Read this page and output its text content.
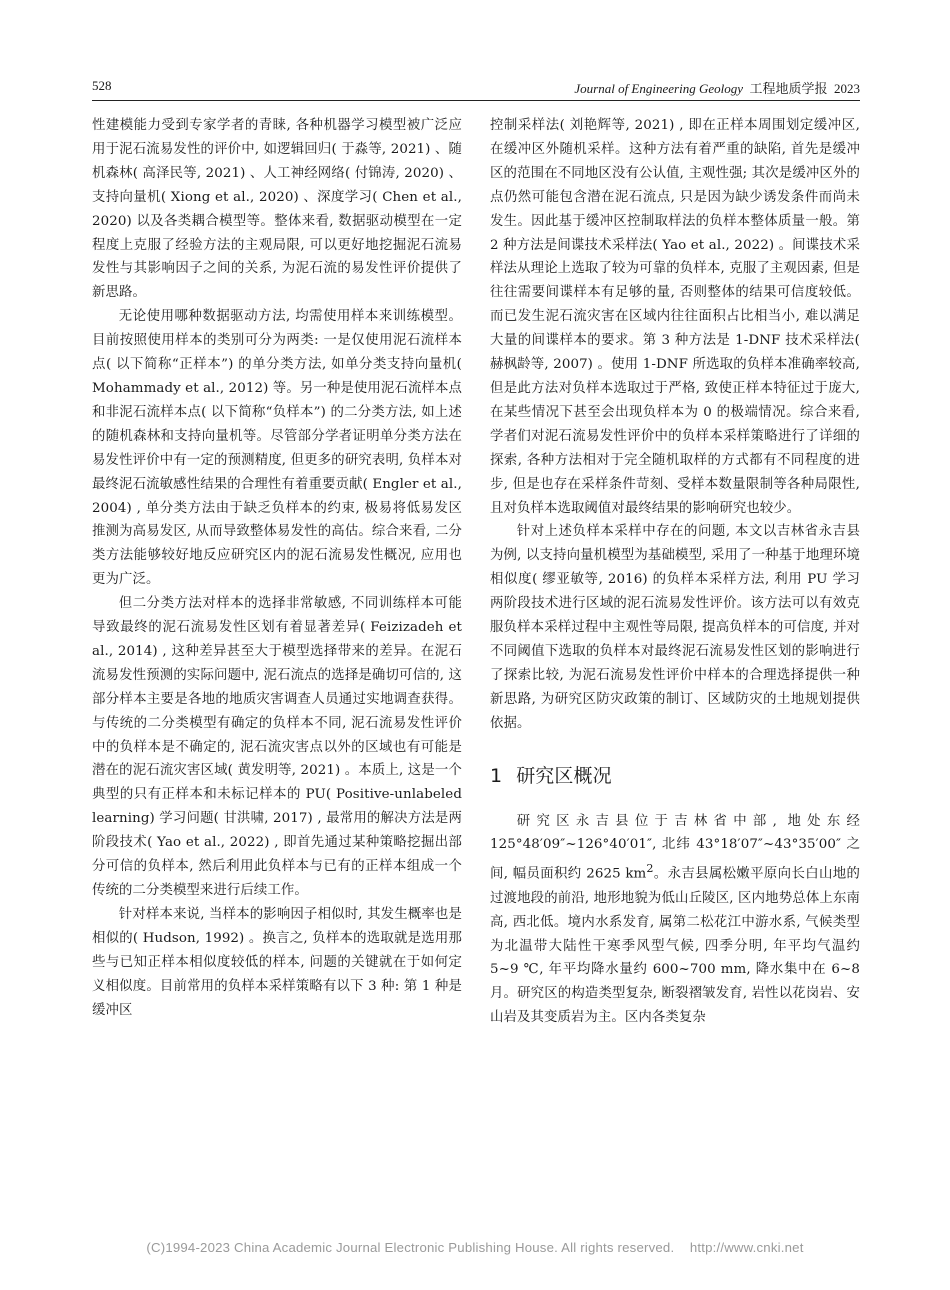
528	Journal of Engineering Geology 工程地质学报 2023

性建模能力受到专家学者的青睐, 各种机器学习模型被广泛应用于泥石流易发性的评价中, 如逻辑回归( 于淼等, 2021) 、随机森林( 高泽民等, 2021) 、人工神经网络( 付锦涛, 2020) 、支持向量机( Xiong et al., 2020) 、深度学习( Chen et al., 2020) 以及各类耦合模型等。整体来看, 数据驱动模型在一定程度上克服了经验方法的主观局限, 可以更好地挖掘泥石流易发性与其影响因子之间的关系, 为泥石流的易发性评价提供了新思路。

无论使用哪种数据驱动方法, 均需使用样本来训练模型。目前按照使用样本的类别可分为两类: 一是仅使用泥石流样本点( 以下简称“正样本”) 的单分类方法, 如单分类支持向量机( Mohammady et al., 2012) 等。另一种是使用泥石流样本点和非泥石流样本点( 以下简称“负样本”) 的二分类方法, 如上述的随机森林和支持向量机等。尽管部分学者证明单分类方法在易发性评价中有一定的预测精度, 但更多的研究表明, 负样本对最终泥石流敏感性结果的合理性有着重要贡献( Engler et al., 2004) , 单分类方法由于缺乏负样本的约束, 极易将低易发区推测为高易发区, 从而导致整体易发性的高估。综合来看, 二分类方法能够较好地反应研究区内的泥石流易发性概况, 应用也更为广泛。

但二分类方法对样本的选择非常敏感, 不同训练样本可能导致最终的泥石流易发性区划有着显著差异( Feizizadeh et al., 2014) , 这种差异甚至大于模型选择带来的差异。在泥石流易发性预测的实际问题中, 泥石流点的选择是确切可信的, 这部分样本主要是各地的地质灾害调查人员通过实地调查获得。与传统的二分类模型有确定的负样本不同, 泥石流易发性评价中的负样本是不确定的, 泥石流灾害点以外的区域也有可能是潜在的泥石流灾害区域( 黄发明等, 2021) 。本质上, 这是一个典型的只有正样本和未标记样本的 PU( Positive-unlabeled learning) 学习问题( 甘洪啸, 2017) , 最常用的解决方法是两阶段技术( Yao et al., 2022) , 即首先通过某种策略挖掘出部分可信的负样本, 然后利用此负样本与已有的正样本组成一个传统的二分类模型来进行后续工作。

针对样本来说, 当样本的影响因子相似时, 其发生概率也是相似的( Hudson, 1992) 。换言之, 负样本的选取就是选用那些与已知正样本相似度较低的样本, 问题的关键就在于如何定义相似度。目前常用的负样本采样策略有以下 3 种: 第 1 种是缓冲区

控制采样法( 刘艳辉等, 2021) , 即在正样本周围划定缓冲区, 在缓冲区外随机采样。这种方法有着严重的缺陷, 首先是缓冲区的范围在不同地区没有公认值, 主观性强; 其次是缓冲区外的点仍然可能包含潜在泥石流点, 只是因为缺少诱发条件而尚未发生。因此基于缓冲区控制取样法的负样本整体质量一般。第 2 种方法是间谍技术采样法( Yao et al., 2022) 。间谍技术采样法从理论上选取了较为可靠的负样本, 克服了主观因素, 但是往往需要间谍样本有足够的量, 否则整体的结果可信度较低。而已发生泥石流灾害在区域内往往面积占比相当小, 难以满足大量的间谍样本的要求。第 3 种方法是 1-DNF 技术采样法( 赫枫龄等, 2007) 。使用 1-DNF 所选取的负样本准确率较高, 但是此方法对负样本选取过于严格, 致使正样本特征过于庞大, 在某些情况下甚至会出现负样本为 0 的极端情况。综合来看, 学者们对泥石流易发性评价中的负样本采样策略进行了详细的探索, 各种方法相对于完全随机取样的方式都有不同程度的进步, 但是也存在采样条件苛刻、受样本数量限制等各种局限性, 且对负样本选取阈值对最终结果的影响研究也较少。

针对上述负样本采样中存在的问题, 本文以吉林省永吉县为例, 以支持向量机模型为基础模型, 采用了一种基于地理环境相似度( 缪亚敏等, 2016) 的负样本采样方法, 利用 PU 学习两阶段技术进行区域的泥石流易发性评价。该方法可以有效克服负样本采样过程中主观性等局限, 提高负样本的可信度, 并对不同阈值下选取的负样本对最终泥石流易发性区划的影响进行了探索比较, 为泥石流易发性评价中样本的合理选择提供一种新思路, 为研究区防灾政策的制订、区域防灾的土地规划提供依据。

1 研究区概况

研究区永吉县位于吉林省中部, 地处东经 125°48′09″~126°40′01″, 北纬 43°18′07″~43°35′00″ 之间, 幅员面积约 2625 $km^2$。永吉县属松嫩平原向长白山地的过渡地段的前沿, 地形地貌为低山丘陵区, 区内地势总体上东南高, 西北低。境内水系发育, 属第二松花江中游水系, 气候类型为北温带大陆性干寒季风型气候, 四季分明, 年平均气温约 5~9 ℃, 年平均降水量约 600~700 mm, 降水集中在 6~8 月。研究区的构造类型复杂, 断裂褶皱发育, 岩性以花岗岩、安山岩及其变质岩为主。区内各类复杂

(C)1994-2023 China Academic Journal Electronic Publishing House. All rights reserved. http://www.cnki.net
